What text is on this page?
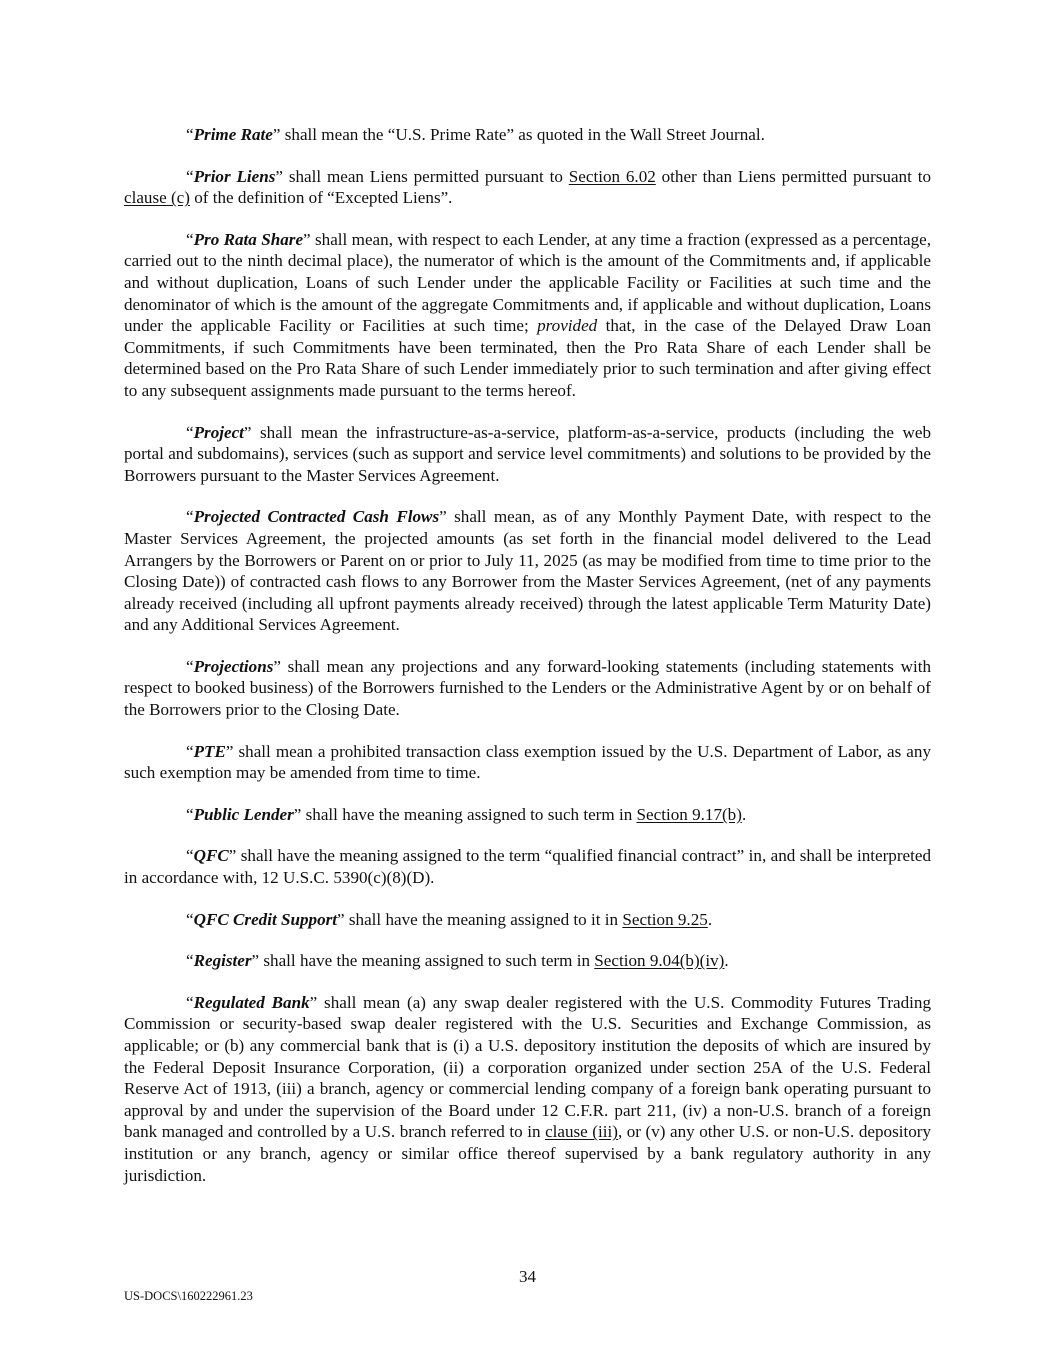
“Prime Rate” shall mean the “U.S. Prime Rate” as quoted in the Wall Street Journal.

“Prior Liens” shall mean Liens permitted pursuant to Section 6.02 other than Liens permitted pursuant to clause (c) of the definition of “Excepted Liens”.

“Pro Rata Share” shall mean, with respect to each Lender, at any time a fraction (expressed as a percentage, carried out to the ninth decimal place), the numerator of which is the amount of the Commitments and, if applicable and without duplication, Loans of such Lender under the applicable Facility or Facilities at such time and the denominator of which is the amount of the aggregate Commitments and, if applicable and without duplication, Loans under the applicable Facility or Facilities at such time; provided that, in the case of the Delayed Draw Loan Commitments, if such Commitments have been terminated, then the Pro Rata Share of each Lender shall be determined based on the Pro Rata Share of such Lender immediately prior to such termination and after giving effect to any subsequent assignments made pursuant to the terms hereof.

“Project” shall mean the infrastructure-as-a-service, platform-as-a-service, products (including the web portal and subdomains), services (such as support and service level commitments) and solutions to be provided by the Borrowers pursuant to the Master Services Agreement.

“Projected Contracted Cash Flows” shall mean, as of any Monthly Payment Date, with respect to the Master Services Agreement, the projected amounts (as set forth in the financial model delivered to the Lead Arrangers by the Borrowers or Parent on or prior to July 11, 2025 (as may be modified from time to time prior to the Closing Date)) of contracted cash flows to any Borrower from the Master Services Agreement, (net of any payments already received (including all upfront payments already received) through the latest applicable Term Maturity Date) and any Additional Services Agreement.

“Projections” shall mean any projections and any forward-looking statements (including statements with respect to booked business) of the Borrowers furnished to the Lenders or the Administrative Agent by or on behalf of the Borrowers prior to the Closing Date.

“PTE” shall mean a prohibited transaction class exemption issued by the U.S. Department of Labor, as any such exemption may be amended from time to time.

“Public Lender” shall have the meaning assigned to such term in Section 9.17(b).

“QFC” shall have the meaning assigned to the term “qualified financial contract” in, and shall be interpreted in accordance with, 12 U.S.C. 5390(c)(8)(D).

“QFC Credit Support” shall have the meaning assigned to it in Section 9.25.

“Register” shall have the meaning assigned to such term in Section 9.04(b)(iv).

“Regulated Bank” shall mean (a) any swap dealer registered with the U.S. Commodity Futures Trading Commission or security-based swap dealer registered with the U.S. Securities and Exchange Commission, as applicable; or (b) any commercial bank that is (i) a U.S. depository institution the deposits of which are insured by the Federal Deposit Insurance Corporation, (ii) a corporation organized under section 25A of the U.S. Federal Reserve Act of 1913, (iii) a branch, agency or commercial lending company of a foreign bank operating pursuant to approval by and under the supervision of the Board under 12 C.F.R. part 211, (iv) a non-U.S. branch of a foreign bank managed and controlled by a U.S. branch referred to in clause (iii), or (v) any other U.S. or non-U.S. depository institution or any branch, agency or similar office thereof supervised by a bank regulatory authority in any jurisdiction.

34
US-DOCS\160222961.23
